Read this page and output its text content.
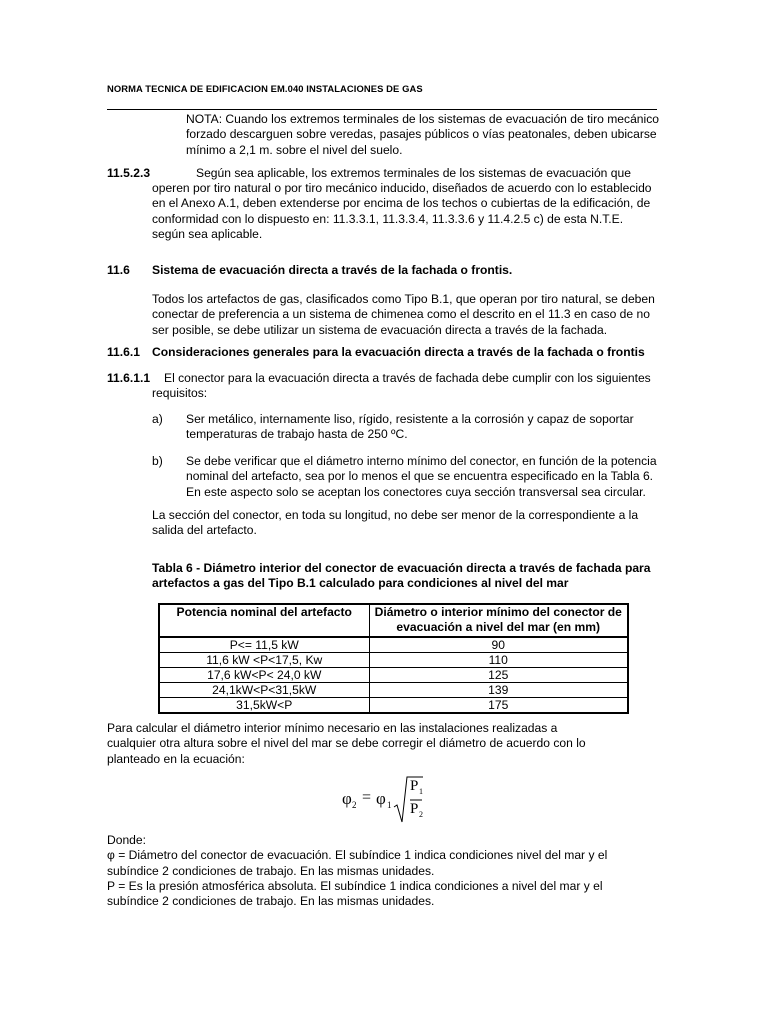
NORMA TECNICA DE EDIFICACION EM.040 INSTALACIONES DE GAS
NOTA: Cuando los extremos terminales de los sistemas de evacuación de tiro mecánico
forzado descarguen sobre veredas, pasajes públicos o vías peatonales, deben ubicarse
mínimo a 2,1 m. sobre el nivel del suelo.
11.5.2.3	Según sea aplicable, los extremos terminales de los sistemas de evacuación que
operen por tiro natural o por tiro mecánico inducido, diseñados de acuerdo con lo establecido
en el Anexo A.1, deben extenderse por encima de los techos o cubiertas de la edificación, de
conformidad con lo dispuesto en: 11.3.3.1, 11.3.3.4, 11.3.3.6 y 11.4.2.5 c) de esta N.T.E.
según sea aplicable.
11.6 Sistema de evacuación directa a través de la fachada o frontis.
Todos los artefactos de gas, clasificados como Tipo B.1, que operan por tiro natural, se deben
conectar de preferencia a un sistema de chimenea como el descrito en el 11.3 en caso de no
ser posible, se debe utilizar un sistema de evacuación directa a través de la fachada.
11.6.1 Consideraciones generales para la evacuación directa a través de la fachada o frontis
11.6.1.1 El conector para la evacuación directa a través de fachada debe cumplir con los siguientes
requisitos:
a) Ser metálico, internamente liso, rígido, resistente a la corrosión y capaz de soportar
temperaturas de trabajo hasta de 250 ºC.
b) Se debe verificar que el diámetro interno mínimo del conector, en función de la potencia
nominal del artefacto, sea por lo menos el que se encuentra especificado en la Tabla 6.
En este aspecto solo se aceptan los conectores cuya sección transversal sea circular.
La sección del conector, en toda su longitud, no debe ser menor de la correspondiente a la
salida del artefacto.
Tabla 6 - Diámetro interior del conector de evacuación directa a través de fachada para
artefactos a gas del Tipo B.1 calculado para condiciones al nivel del mar
Potencia nominal del artefacto	Diámetro o interior mínimo del conector de evacuación a nivel del mar (en mm)
P<= 11,5 kW	90
11,6 kW <P<17,5, Kw	110
17,6 kW<P< 24,0 kW	125
24,1kW<P<31,5kW	139
31,5kW<P	175
Para calcular el diámetro interior mínimo necesario en las instalaciones realizadas a
cualquier otra altura sobre el nivel del mar se debe corregir el diámetro de acuerdo con lo
planteado en la ecuación:
φ 2 = φ 1
P 1
P 2
Donde:
φ = Diámetro del conector de evacuación. El subíndice 1 indica condiciones nivel del mar y el
subíndice 2 condiciones de trabajo. En las mismas unidades.
P = Es la presión atmosférica absoluta. El subíndice 1 indica condiciones a nivel del mar y el
subíndice 2 condiciones de trabajo. En las mismas unidades.
